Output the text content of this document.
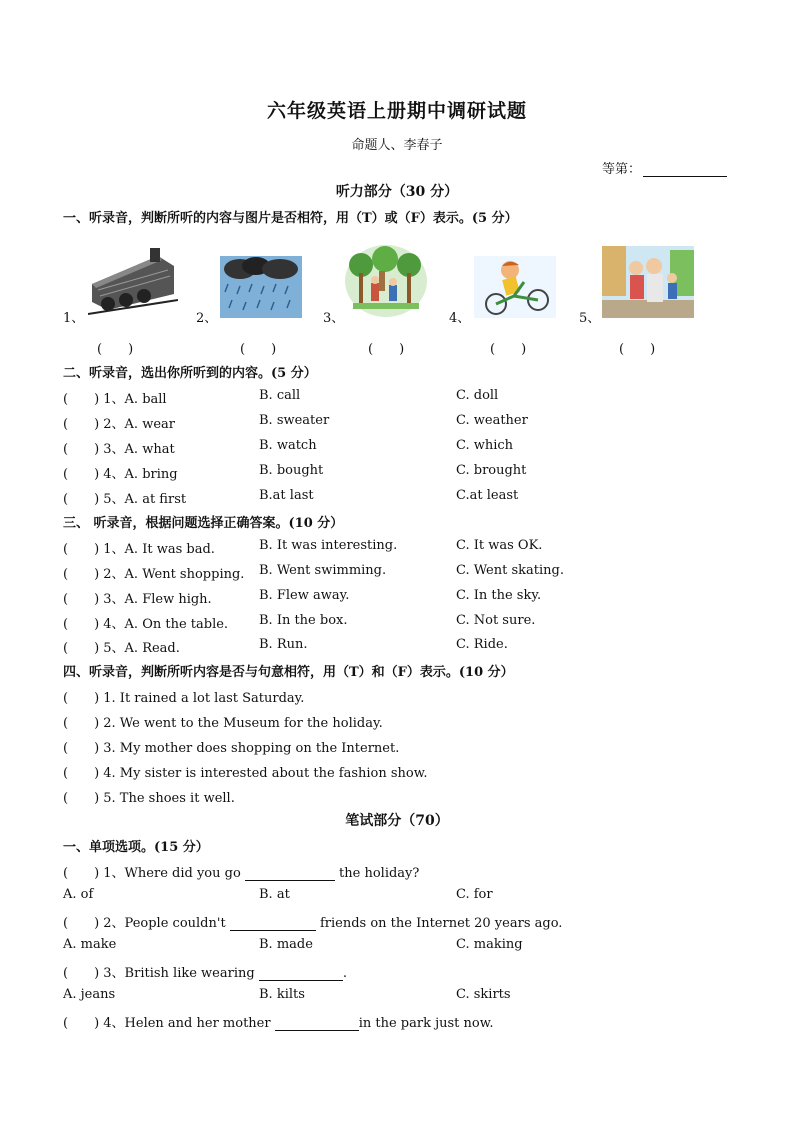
六年级英语上册期中调研试题
命题人、李春子
等第：
听力部分（30 分）
一、听录音，判断所听的内容与图片是否相符，用（T）或（F）表示。(5 分）
1、	2、	3、	4、	5、
(　　)	(　　)	(　　)	(　　)	(　　)
二、听录音，选出你所听到的内容。(5 分）
(　　) 1、A. ball	B. call	C. doll
(　　) 2、A. wear	B. sweater	C. weather
(　　) 3、A. what	B. watch	C. which
(　　) 4、A. bring	B. bought	C. brought
(　　) 5、A. at first	B.at last	C.at least
三、 听录音，根据问题选择正确答案。(10 分）
(　　) 1、A. It was bad.	B. It was interesting.	C. It was OK.
(　　) 2、A. Went shopping. B. Went swimming.	C. Went skating.
(　　) 3、A. Flew high.	B. Flew away.	C. In the sky.
(　　) 4、A. On the table. B. In the box.	C. Not sure.
(　　) 5、A. Read.	B. Run.	C. Ride.
四、听录音，判断所听内容是否与句意相符，用（T）和（F）表示。(10 分）
(　　) 1. It rained a lot last Saturday.
(　　) 2. We went to the Museum for the holiday.
(　　) 3. My mother does shopping on the Internet.
(　　) 4. My sister is interested about the fashion show.
(　　) 5. The shoes it well.
笔试部分（70）
一、单项选项。(15 分）
(　　) 1、Where did you go	the holiday?
A. of	B. at	C. for
(　　) 2、People couldn't	friends on the Internet 20 years ago.
A. make	B. made	C. making
(　　) 3、British like wearing	.
A. jeans	B. kilts	C. skirts
(　　) 4、Helen and her mother	in the park just now.
